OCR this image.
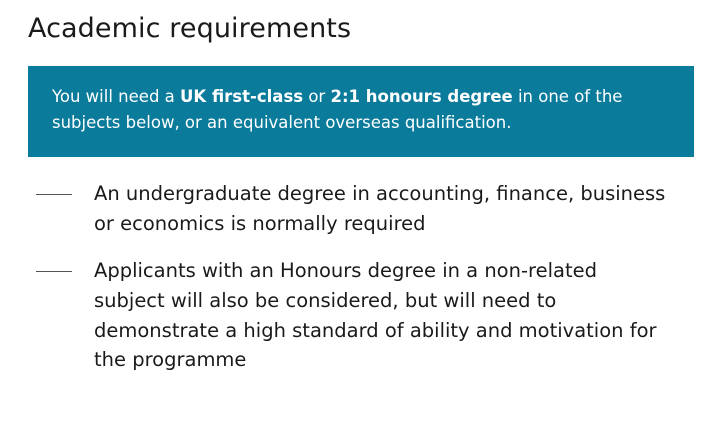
Academic requirements
You will need a UK first-class or 2:1 honours degree in one of the subjects below, or an equivalent overseas qualification.
An undergraduate degree in accounting, finance, business or economics is normally required
Applicants with an Honours degree in a non-related subject will also be considered, but will need to demonstrate a high standard of ability and motivation for the programme
